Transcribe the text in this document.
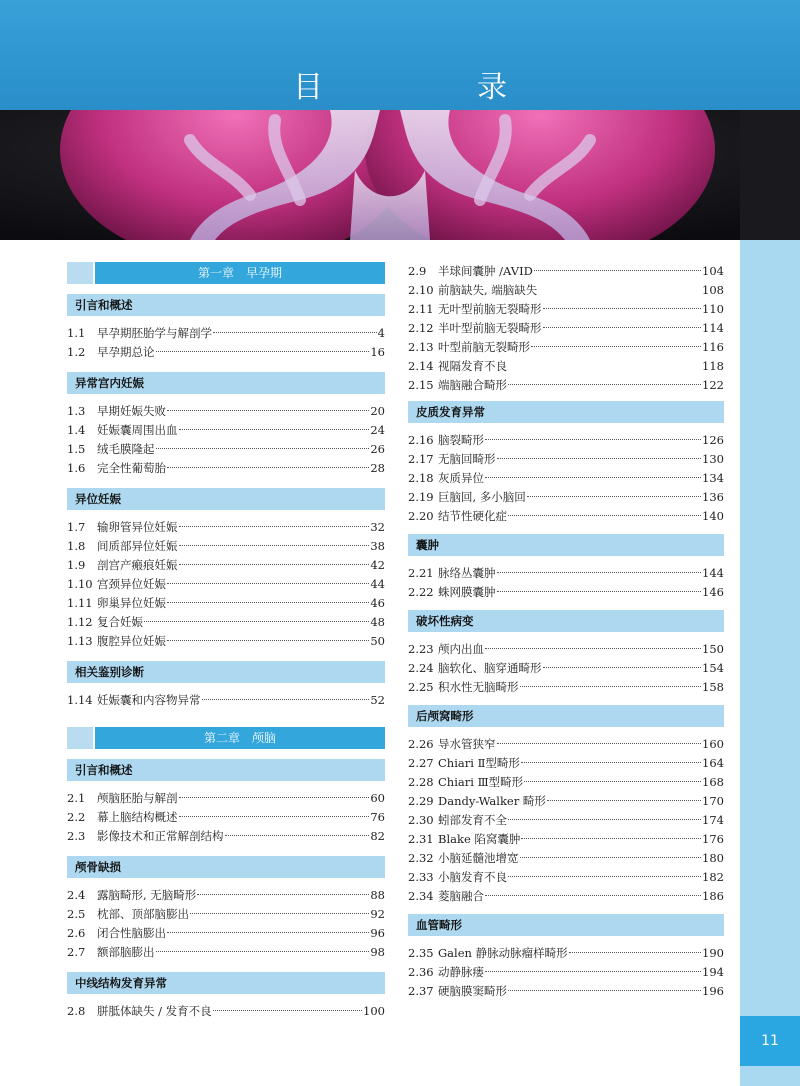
目　录
11
第一章　早孕期
引言和概述
1.1	早孕期胚胎学与解剖学	4
1.2	早孕期总论	16
异常宫内妊娠
1.3	早期妊娠失败	20
1.4	妊娠囊周围出血	24
1.5	绒毛膜隆起	26
1.6	完全性葡萄胎	28
异位妊娠
1.7	输卵管异位妊娠	32
1.8	间质部异位妊娠	38
1.9	剖宫产瘢痕妊娠	42
1.10 宫颈异位妊娠	44
1.11 卵巢异位妊娠	46
1.12 复合妊娠	48
1.13 腹腔异位妊娠	50
相关鉴别诊断
1.14 妊娠囊和内容物异常	52
第二章　颅脑
引言和概述
2.1	颅脑胚胎与解剖	60
2.2	幕上脑结构概述	76
2.3	影像技术和正常解剖结构	82
颅骨缺损
2.4	露脑畸形, 无脑畸形	88
2.5	枕部、顶部脑膨出	92
2.6	闭合性脑膨出	96
2.7	额部脑膨出	98
中线结构发育异常
2.8	胼胝体缺失 / 发育不良	100
2.9	半球间囊肿 /AVID	104
2.10 前脑缺失, 端脑缺失	108
2.11 无叶型前脑无裂畸形	110
2.12 半叶型前脑无裂畸形	114
2.13 叶型前脑无裂畸形	116
2.14 视隔发育不良	118
2.15 端脑融合畸形	122
皮质发育异常
2.16 脑裂畸形	126
2.17 无脑回畸形	130
2.18 灰质异位	134
2.19 巨脑回, 多小脑回	136
2.20 结节性硬化症	140
囊肿
2.21 脉络丛囊肿	144
2.22 蛛网膜囊肿	146
破坏性病变
2.23 颅内出血	150
2.24 脑软化、脑穿通畸形	154
2.25 积水性无脑畸形	158
后颅窝畸形
2.26 导水管狭窄	160
2.27 Chiari Ⅱ型畸形	164
2.28 Chiari Ⅲ型畸形	168
2.29 Dandy-Walker 畸形	170
2.30 蚓部发育不全	174
2.31 Blake 陷窝囊肿	176
2.32 小脑延髓池增宽	180
2.33 小脑发育不良	182
2.34 菱脑融合	186
血管畸形
2.35 Galen 静脉动脉瘤样畸形	190
2.36 动静脉瘘	194
2.37 硬脑膜窦畸形	196
